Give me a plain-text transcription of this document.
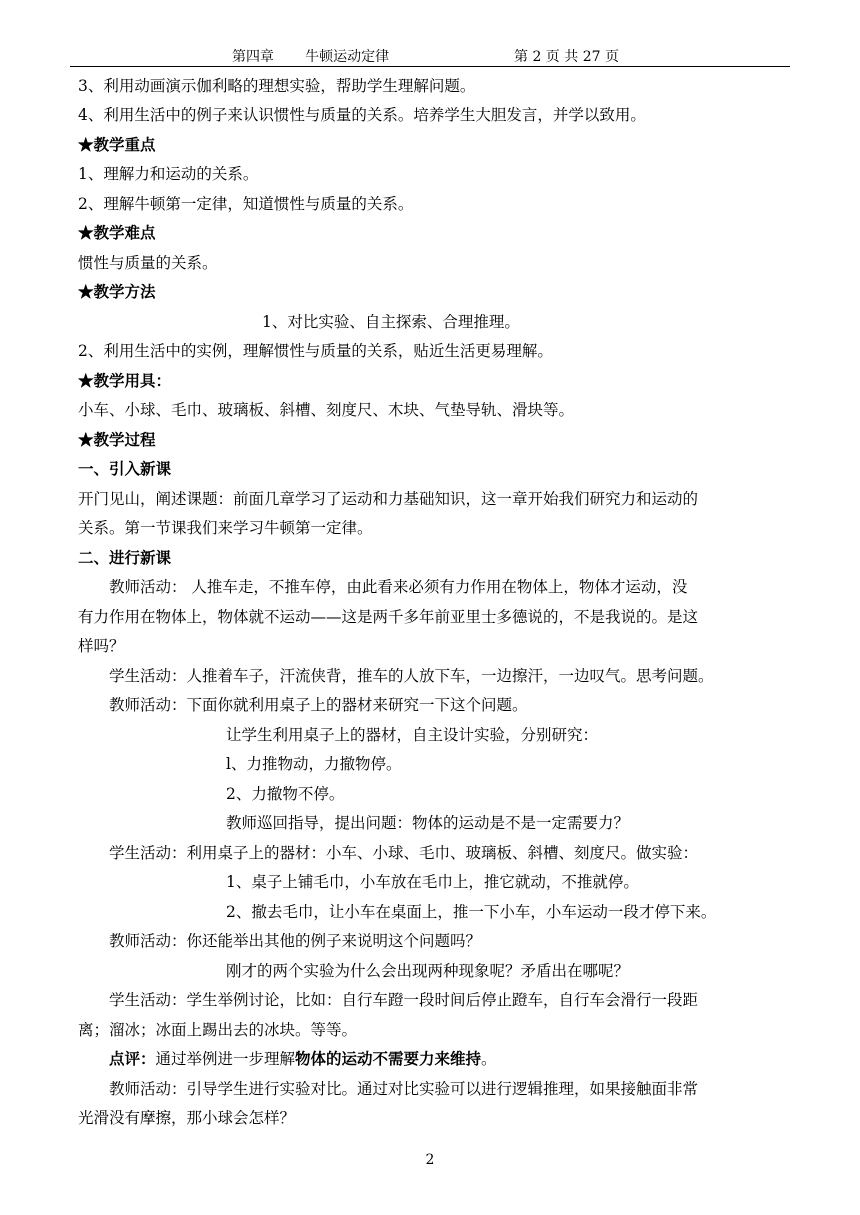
第四章 牛顿运动定律	第 2 页 共 27 页
3、利用动画演示伽利略的理想实验，帮助学生理解问题。
4、利用生活中的例子来认识惯性与质量的关系。培养学生大胆发言，并学以致用。
★教学重点
1、理解力和运动的关系。
2、理解牛顿第一定律，知道惯性与质量的关系。
★教学难点
惯性与质量的关系。
★教学方法
1、对比实验、自主探索、合理推理。
2、利用生活中的实例，理解惯性与质量的关系，贴近生活更易理解。
★教学用具：
小车、小球、毛巾、玻璃板、斜槽、刻度尺、木块、气垫导轨、滑块等。
★教学过程
一、引入新课
开门见山，阐述课题：前面几章学习了运动和力基础知识，这一章开始我们研究力和运动的
关系。第一节课我们来学习牛顿第一定律。
二、进行新课
教师活动： 人推车走，不推车停，由此看来必须有力作用在物体上，物体才运动，没
有力作用在物体上，物体就不运动——这是两千多年前亚里士多德说的，不是我说的。是这
样吗？
学生活动：人推着车子，汗流侠背，推车的人放下车，一边擦汗，一边叹气。思考问题。
教师活动：下面你就利用桌子上的器材来研究一下这个问题。
让学生利用桌子上的器材，自主设计实验，分别研究：
l、力推物动，力撤物停。
2、力撤物不停。
教师巡回指导，提出问题：物体的运动是不是一定需要力？
学生活动：利用桌子上的器材：小车、小球、毛巾、玻璃板、斜槽、刻度尺。做实验：
1、桌子上铺毛巾，小车放在毛巾上，推它就动，不推就停。
2、撤去毛巾，让小车在桌面上，推一下小车，小车运动一段才停下来。
教师活动：你还能举出其他的例子来说明这个问题吗？
刚才的两个实验为什么会出现两种现象呢？矛盾出在哪呢？
学生活动：学生举例讨论，比如：自行车蹬一段时间后停止蹬车，自行车会滑行一段距
离；溜冰；冰面上踢出去的冰块。等等。
点评：通过举例进一步理解物体的运动不需要力来维持。
教师活动：引导学生进行实验对比。通过对比实验可以进行逻辑推理，如果接触面非常
光滑没有摩擦，那小球会怎样？
2
